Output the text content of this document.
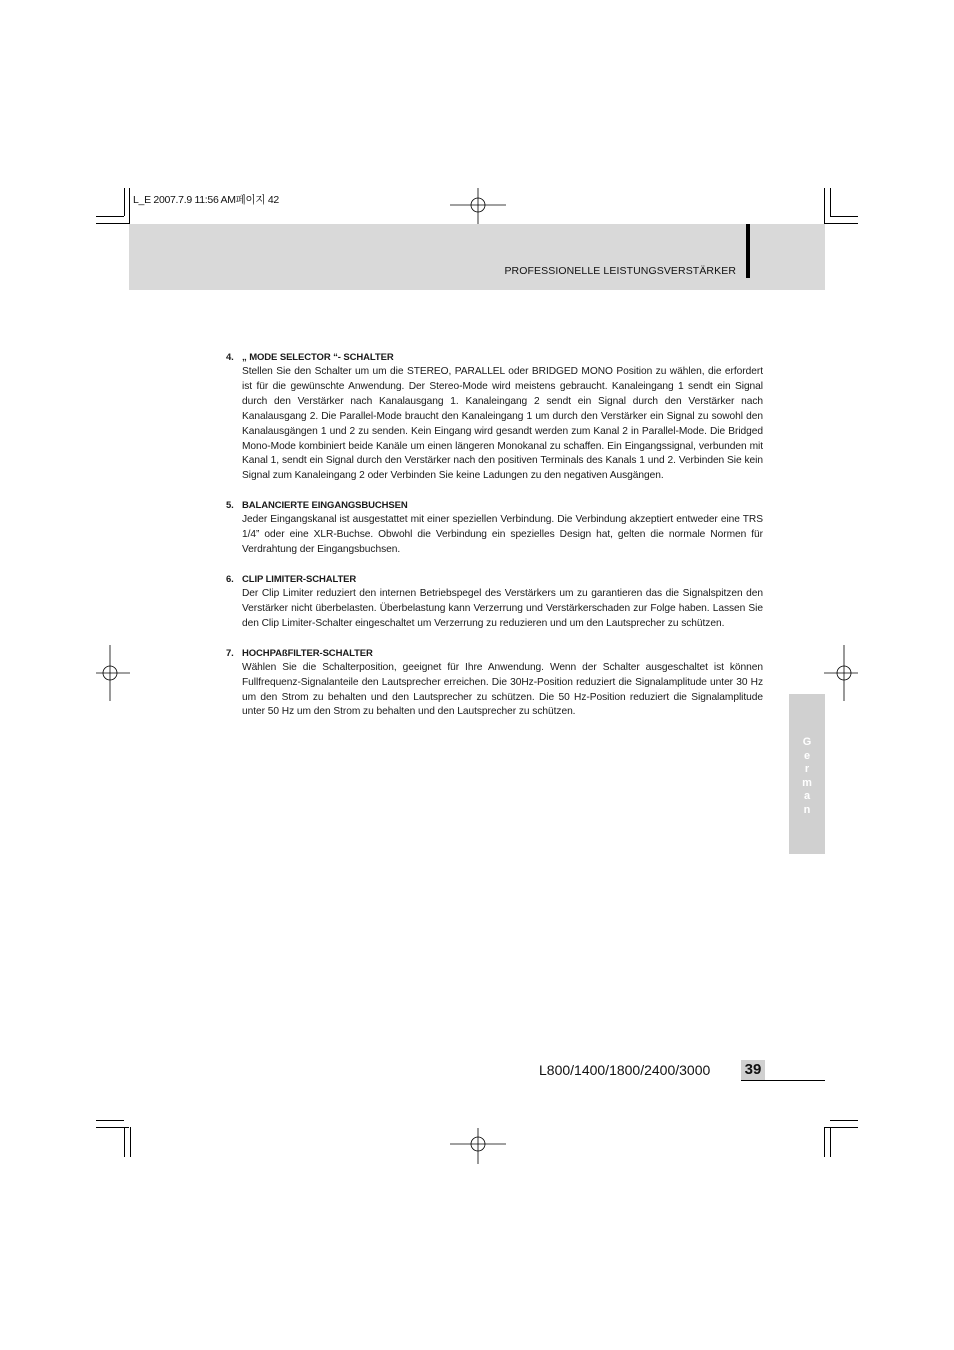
L_E 2007.7.9 11:56 AM페이지 42
PROFESSIONELLE LEISTUNGSVERSTÄRKER
4. „ MODE SELECTOR “- SCHALTER
Stellen Sie den Schalter um um die STEREO, PARALLEL oder BRIDGED MONO Position zu wählen, die erfordert ist für die gewünschte Anwendung. Der Stereo-Mode wird meistens gebraucht. Kanaleingang 1 sendt ein Signal durch den Verstärker nach Kanalausgang 1. Kanaleingang 2 sendt ein Signal durch den Verstärker nach Kanalausgang 2. Die Parallel-Mode braucht den Kanaleingang 1 um durch den Verstärker ein Signal zu sowohl den Kanalausgängen 1 und 2 zu senden. Kein Eingang wird gesandt werden zum Kanal 2 in Parallel-Mode. Die Bridged Mono-Mode kombiniert beide Kanäle um einen längeren Monokanal zu schaffen. Ein Eingangssignal, verbunden mit Kanal 1, sendt ein Signal durch den Verstärker nach den positiven Terminals des Kanals 1 und 2. Verbinden Sie kein Signal zum Kanaleingang 2 oder Verbinden Sie keine Ladungen zu den negativen Ausgängen.
5. BALANCIERTE EINGANGSBUCHSEN
Jeder Eingangskanal ist ausgestattet mit einer speziellen Verbindung. Die Verbindung akzeptiert entweder eine TRS 1/4” oder eine XLR-Buchse. Obwohl die Verbindung ein spezielles Design hat, gelten die normale Normen für Verdrahtung der Eingangsbuchsen.
6. CLIP LIMITER-SCHALTER
Der Clip Limiter reduziert den internen Betriebspegel des Verstärkers um zu garantieren das die Signalspitzen den Verstärker nicht überbelasten. Überbelastung kann Verzerrung und Verstärkerschaden zur Folge haben. Lassen Sie den Clip Limiter-Schalter eingeschaltet um Verzerrung zu reduzieren und um den Lautsprecher zu schützen.
7. HOCHPAßFILTER-SCHALTER
Wählen Sie die Schalterposition, geeignet für Ihre Anwendung. Wenn der Schalter ausgeschaltet ist können Fullfrequenz-Signalanteile den Lautsprecher erreichen. Die 30Hz-Position reduziert die Signalamplitude unter 30 Hz um den Strom zu behalten und den Lautsprecher zu schützen. Die 50 Hz-Position reduziert die Signalamplitude unter 50 Hz um den Strom zu behalten und den Lautsprecher zu schützen.
G
e
r
m
a
n
L800/1400/1800/2400/3000 39
